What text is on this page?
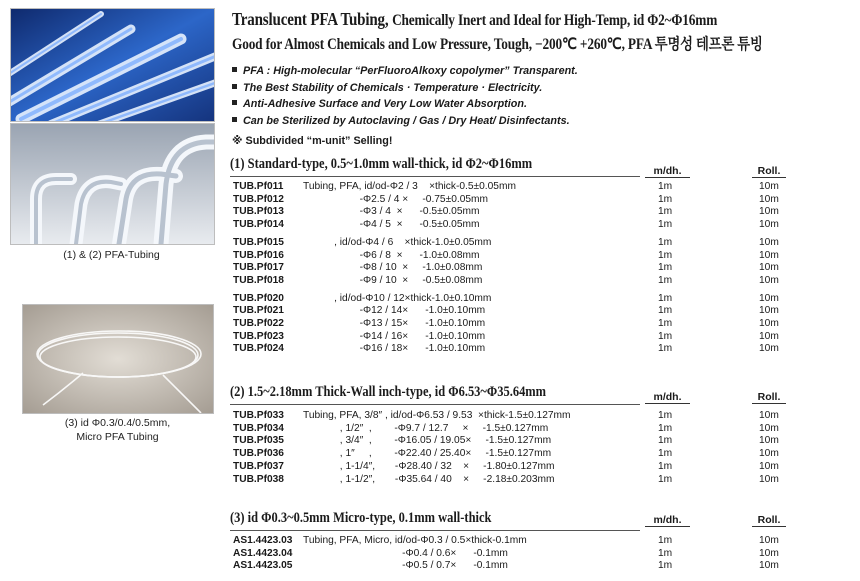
(1) & (2) PFA-Tubing
(3) id Φ0.3/0.4/0.5mm,
Micro PFA Tubing
Translucent PFA Tubing, Chemically Inert and Ideal for High-Temp, id Φ2~Φ16mm
Good for Almost Chemicals and Low Pressure, Tough, −200℃ +260℃, PFA 투명성 테프론 튜빙
PFA : High-molecular “PerFluoroAlkoxy copolymer” Transparent.
The Best Stability of Chemicals · Temperature · Electricity.
Anti-Adhesive Surface and Very Low Water Absorption.
Can be Sterilized by Autoclaving / Gas / Dry Heat/ Disinfectants.
※ Subdivided “m-unit” Selling!
(1) Standard-type, 0.5~1.0mm wall-thick, id Φ2~Φ16mm	m/dh.	Roll.
TUB.Pf011 Tubing, PFA, id/od-Φ2 / 3    ×thick-0.5±0.05mm	1m	10m
TUB.Pf012 -Φ2.5 / 4 ×     -0.75±0.05mm	1m	10m
TUB.Pf013 -Φ3 / 4  ×      -0.5±0.05mm	1m	10m
TUB.Pf014 -Φ4 / 5  ×      -0.5±0.05mm	1m	10m
TUB.Pf015 , id/od-Φ4 / 6    ×thick-1.0±0.05mm	1m	10m
TUB.Pf016 -Φ6 / 8  ×      -1.0±0.08mm	1m	10m
TUB.Pf017 -Φ8 / 10  ×     -1.0±0.08mm	1m	10m
TUB.Pf018 -Φ9 / 10  ×     -0.5±0.08mm	1m	10m
TUB.Pf020 , id/od-Φ10 / 12×thick-1.0±0.10mm	1m	10m
TUB.Pf021 -Φ12 / 14×      -1.0±0.10mm	1m	10m
TUB.Pf022 -Φ13 / 15×      -1.0±0.10mm	1m	10m
TUB.Pf023 -Φ14 / 16×      -1.0±0.10mm	1m	10m
TUB.Pf024 -Φ16 / 18×      -1.0±0.10mm	1m	10m
(2) 1.5~2.18mm Thick-Wall inch-type, id Φ6.53~Φ35.64mm	m/dh.	Roll.
TUB.Pf033 Tubing, PFA, 3/8″ , id/od-Φ6.53 / 9.53  ×thick-1.5±0.127mm	1m	10m
TUB.Pf034 , 1/2″  ,        -Φ9.7 / 12.7     ×     -1.5±0.127mm	1m	10m
TUB.Pf035 , 3/4″  ,        -Φ16.05 / 19.05×     -1.5±0.127mm	1m	10m
TUB.Pf036 , 1″     ,        -Φ22.40 / 25.40×     -1.5±0.127mm	1m	10m
TUB.Pf037 , 1-1/4″,       -Φ28.40 / 32    ×     -1.80±0.127mm	1m	10m
TUB.Pf038 , 1-1/2″,       -Φ35.64 / 40    ×     -2.18±0.203mm	1m	10m
(3) id Φ0.3~0.5mm Micro-type, 0.1mm wall-thick	m/dh.	Roll.
AS1.4423.03 Tubing, PFA, Micro, id/od-Φ0.3 / 0.5×thick-0.1mm	1m	10m
AS1.4423.04 -Φ0.4 / 0.6×      -0.1mm	1m	10m
AS1.4423.05 -Φ0.5 / 0.7×      -0.1mm	1m	10m
